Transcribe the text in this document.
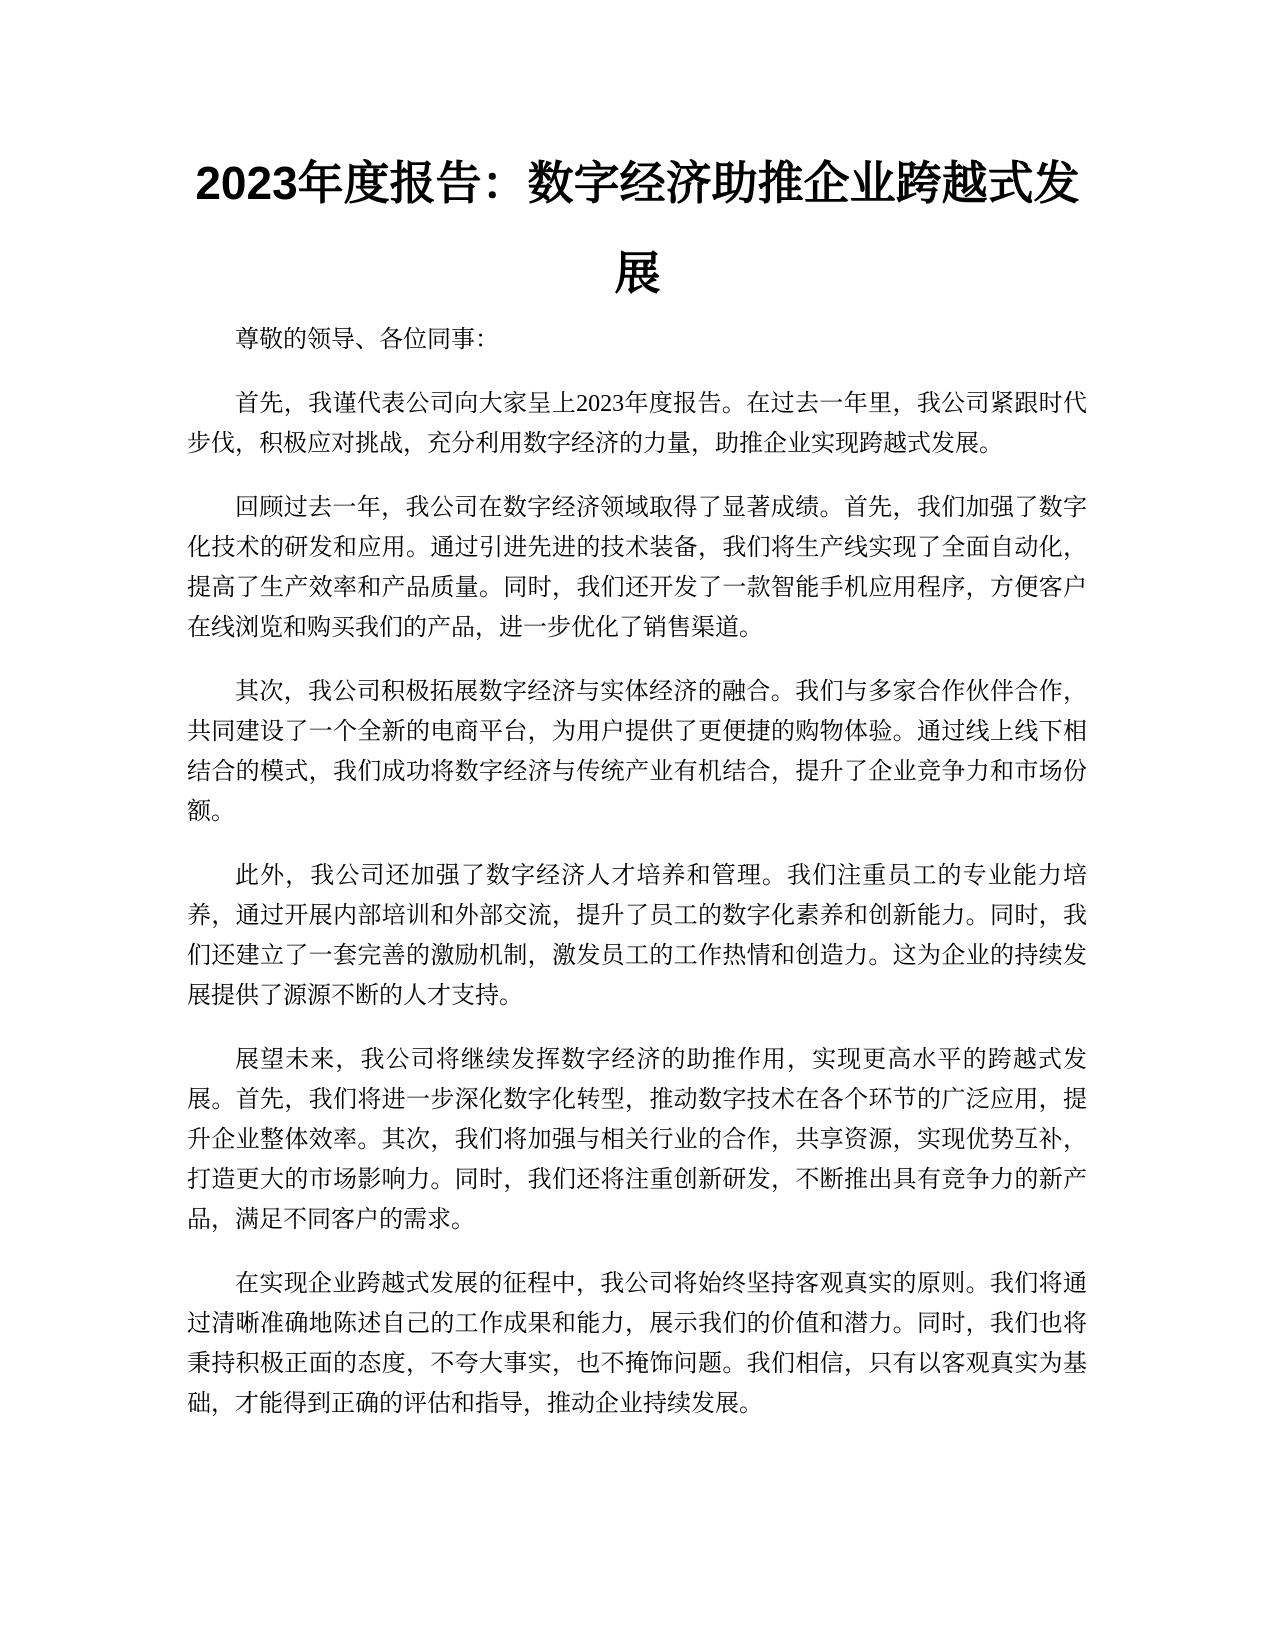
2023年度报告：数字经济助推企业跨越式发展

尊敬的领导、各位同事：

首先，我谨代表公司向大家呈上2023年度报告。在过去一年里，我公司紧跟时代步伐，积极应对挑战，充分利用数字经济的力量，助推企业实现跨越式发展。

回顾过去一年，我公司在数字经济领域取得了显著成绩。首先，我们加强了数字化技术的研发和应用。通过引进先进的技术装备，我们将生产线实现了全面自动化，提高了生产效率和产品质量。同时，我们还开发了一款智能手机应用程序，方便客户在线浏览和购买我们的产品，进一步优化了销售渠道。

其次，我公司积极拓展数字经济与实体经济的融合。我们与多家合作伙伴合作，共同建设了一个全新的电商平台，为用户提供了更便捷的购物体验。通过线上线下相结合的模式，我们成功将数字经济与传统产业有机结合，提升了企业竞争力和市场份额。

此外，我公司还加强了数字经济人才培养和管理。我们注重员工的专业能力培养，通过开展内部培训和外部交流，提升了员工的数字化素养和创新能力。同时，我们还建立了一套完善的激励机制，激发员工的工作热情和创造力。这为企业的持续发展提供了源源不断的人才支持。

展望未来，我公司将继续发挥数字经济的助推作用，实现更高水平的跨越式发展。首先，我们将进一步深化数字化转型，推动数字技术在各个环节的广泛应用，提升企业整体效率。其次，我们将加强与相关行业的合作，共享资源，实现优势互补，打造更大的市场影响力。同时，我们还将注重创新研发，不断推出具有竞争力的新产品，满足不同客户的需求。

在实现企业跨越式发展的征程中，我公司将始终坚持客观真实的原则。我们将通过清晰准确地陈述自己的工作成果和能力，展示我们的价值和潜力。同时，我们也将秉持积极正面的态度，不夸大事实，也不掩饰问题。我们相信，只有以客观真实为基础，才能得到正确的评估和指导，推动企业持续发展。
